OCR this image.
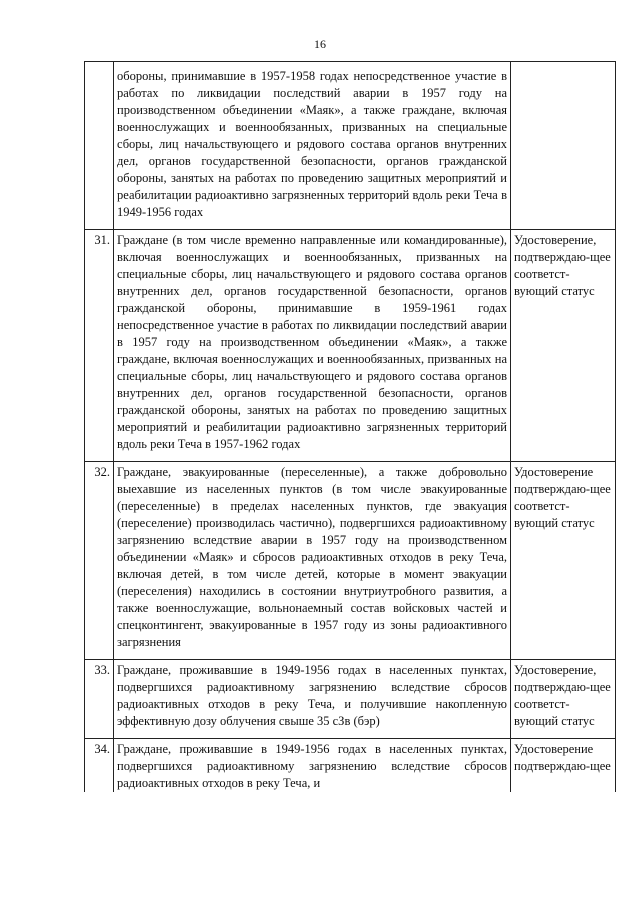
16
	обороны, принимавшие в 1957-1958 годах непосредственное участие в работах по ликвидации последствий аварии в 1957 году на производственном объединении «Маяк», а также граждане, включая военнослужащих и военнообязанных, призванных на специальные сборы, лиц начальствующего и рядового состава органов внутренних дел, органов государственной безопасности, органов гражданской обороны, занятых на работах по проведению защитных мероприятий и реабилитации радиоактивно загрязненных территорий вдоль реки Теча в 1949-1956 годах	
31.	Граждане (в том числе временно направленные или командированные), включая военнослужащих и военнообязанных, призванных на специальные сборы, лиц начальствующего и рядового состава органов внутренних дел, органов государственной безопасности, органов гражданской обороны, принимавшие в 1959-1961 годах непосредственное участие в работах по ликвидации последствий аварии в 1957 году на производственном объединении «Маяк», а также граждане, включая военнослужащих и военнообязанных, призванных на специальные сборы, лиц начальствующего и рядового состава органов внутренних дел, органов государственной безопасности, органов гражданской обороны, занятых на работах по проведению защитных мероприятий и реабилитации радиоактивно загрязненных территорий вдоль реки Теча в 1957-1962 годах	Удостоверение, подтверждаю-щее соответст-вующий статус
32.	Граждане, эвакуированные (переселенные), а также добровольно выехавшие из населенных пунктов (в том числе эвакуированные (переселенные) в пределах населенных пунктов, где эвакуация (переселение) производилась частично), подвергшихся радиоактивному загрязнению вследствие аварии в 1957 году на производственном объединении «Маяк» и сбросов радиоактивных отходов в реку Теча, включая детей, в том числе детей, которые в момент эвакуации (переселения) находились в состоянии внутриутробного развития, а также военнослужащие, вольнонаемный состав войсковых частей и спецконтингент, эвакуированные в 1957 году из зоны радиоактивного загрязнения	Удостоверение подтверждаю-щее соответст-вующий статус
33.	Граждане, проживавшие в 1949-1956 годах в населенных пунктах, подвергшихся радиоактивному загрязнению вследствие сбросов радиоактивных отходов в реку Теча, и получившие накопленную эффективную дозу облучения свыше 35 сЗв (бэр)	Удостоверение, подтверждаю-щее соответст-вующий статус
34.	Граждане, проживавшие в 1949-1956 годах в населенных пунктах, подвергшихся радиоактивному загрязнению вследствие сбросов радиоактивных отходов в реку Теча, и	Удостоверение подтверждаю-щее
